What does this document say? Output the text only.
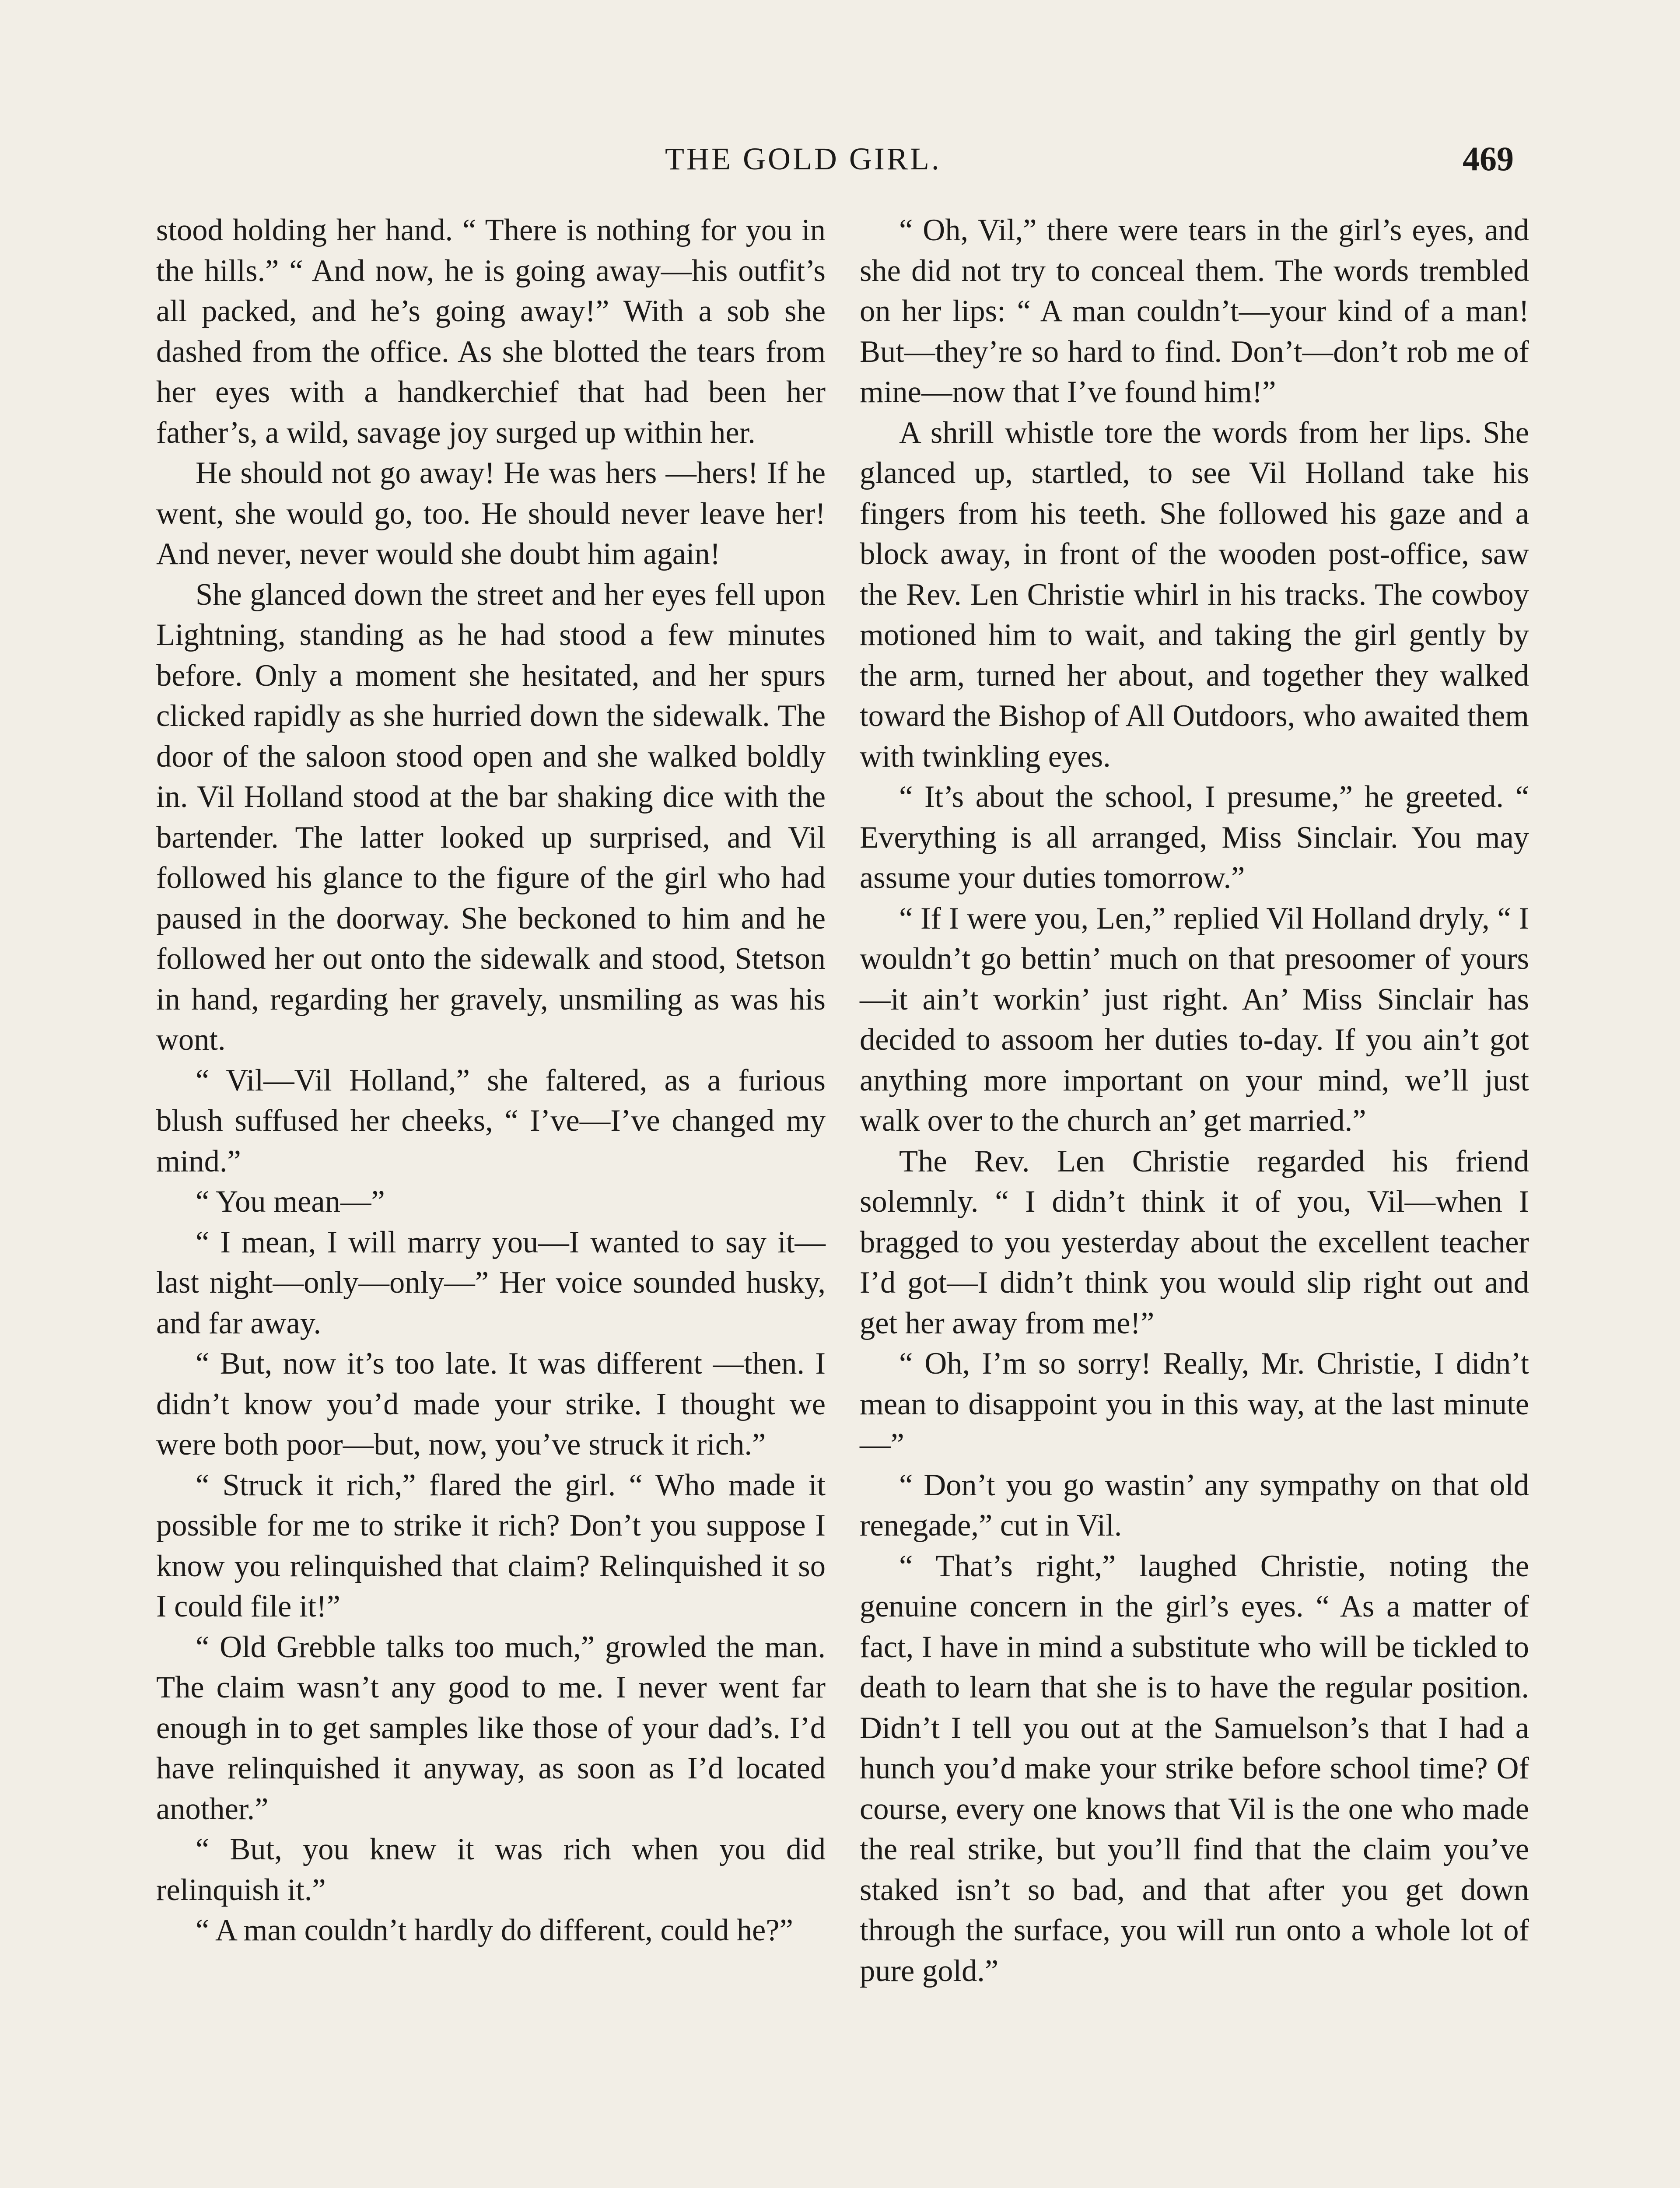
THE GOLD GIRL.	469

stood holding her hand. “ There is nothing for you in the hills.” “ And now, he is going away—his outfit’s all packed, and he’s going away!” With a sob she dashed from the office. As she blotted the tears from her eyes with a handkerchief that had been her father’s, a wild, savage joy surged up within her.

He should not go away! He was hers —hers! If he went, she would go, too. He should never leave her! And never, never would she doubt him again!

She glanced down the street and her eyes fell upon Lightning, standing as he had stood a few minutes before. Only a moment she hesitated, and her spurs clicked rapidly as she hurried down the sidewalk. The door of the saloon stood open and she walked boldly in. Vil Holland stood at the bar shaking dice with the bartender. The latter looked up surprised, and Vil followed his glance to the figure of the girl who had paused in the doorway. She beckoned to him and he followed her out onto the sidewalk and stood, Stetson in hand, regarding her gravely, unsmiling as was his wont.

“ Vil—Vil Holland,” she faltered, as a furious blush suffused her cheeks, “ I’ve—I’ve changed my mind.”

“ You mean—”

“ I mean, I will marry you—I wanted to say it—last night—only—only—” Her voice sounded husky, and far away.

“ But, now it’s too late. It was different —then. I didn’t know you’d made your strike. I thought we were both poor—but, now, you’ve struck it rich.”

“ Struck it rich,” flared the girl. “ Who made it possible for me to strike it rich? Don’t you suppose I know you relinquished that claim? Relinquished it so I could file it!”

“ Old Grebble talks too much,” growled the man. The claim wasn’t any good to me. I never went far enough in to get samples like those of your dad’s. I’d have relinquished it anyway, as soon as I’d located another.”

“ But, you knew it was rich when you did relinquish it.”

“ A man couldn’t hardly do different, could he?”

“ Oh, Vil,” there were tears in the girl’s eyes, and she did not try to conceal them. The words trembled on her lips: “ A man couldn’t—your kind of a man! But—they’re so hard to find. Don’t—don’t rob me of mine—now that I’ve found him!”

A shrill whistle tore the words from her lips. She glanced up, startled, to see Vil Holland take his fingers from his teeth. She followed his gaze and a block away, in front of the wooden post-office, saw the Rev. Len Christie whirl in his tracks. The cowboy motioned him to wait, and taking the girl gently by the arm, turned her about, and together they walked toward the Bishop of All Outdoors, who awaited them with twinkling eyes.

“ It’s about the school, I presume,” he greeted. “ Everything is all arranged, Miss Sinclair. You may assume your duties tomorrow.”

“ If I were you, Len,” replied Vil Holland dryly, “ I wouldn’t go bettin’ much on that presoomer of yours—it ain’t workin’ just right. An’ Miss Sinclair has decided to assoom her duties to-day. If you ain’t got anything more important on your mind, we’ll just walk over to the church an’ get married.”

The Rev. Len Christie regarded his friend solemnly. “ I didn’t think it of you, Vil—when I bragged to you yesterday about the excellent teacher I’d got—I didn’t think you would slip right out and get her away from me!”

“ Oh, I’m so sorry! Really, Mr. Christie, I didn’t mean to disappoint you in this way, at the last minute—”

“ Don’t you go wastin’ any sympathy on that old renegade,” cut in Vil.

“ That’s right,” laughed Christie, noting the genuine concern in the girl’s eyes. “ As a matter of fact, I have in mind a substitute who will be tickled to death to learn that she is to have the regular position. Didn’t I tell you out at the Samuelson’s that I had a hunch you’d make your strike before school time? Of course, every one knows that Vil is the one who made the real strike, but you’ll find that the claim you’ve staked isn’t so bad, and that after you get down through the surface, you will run onto a whole lot of pure gold.”
